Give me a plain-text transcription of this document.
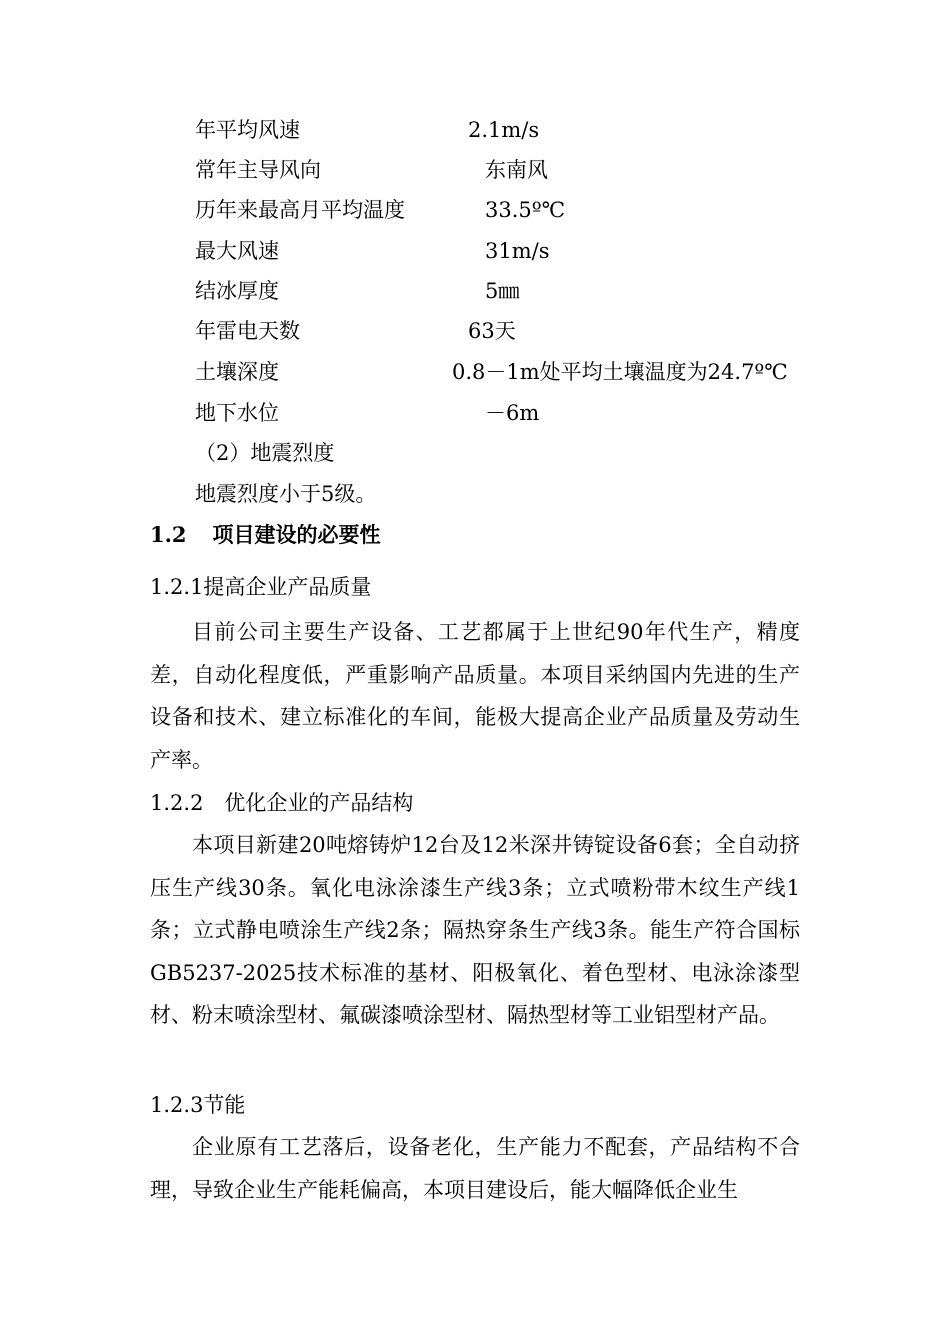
年平均风速	2.1m/s
常年主导风向	东南风
历年来最高月平均温度	33.5º℃
最大风速	31m/s
结冰厚度	5㎜
年雷电天数	63天
土壤深度	0.8－1m处平均土壤温度为24.7º℃
地下水位	－6m
（2）地震烈度
地震烈度小于5级。
1.2 项目建设的必要性
1.2.1提高企业产品质量
目前公司主要生产设备、工艺都属于上世纪90年代生产，精度差，自动化程度低，严重影响产品质量。本项目采纳国内先进的生产设备和技术、建立标准化的车间，能极大提高企业产品质量及劳动生产率。
1.2.2　优化企业的产品结构
本项目新建20吨熔铸炉12台及12米深井铸锭设备6套；全自动挤压生产线30条。氧化电泳涂漆生产线3条；立式喷粉带木纹生产线1条；立式静电喷涂生产线2条；隔热穿条生产线3条。能生产符合国标GB5237-2025技术标准的基材、阳极氧化、着色型材、电泳涂漆型材、粉末喷涂型材、氟碳漆喷涂型材、隔热型材等工业铝型材产品。
1.2.3节能
企业原有工艺落后，设备老化，生产能力不配套，产品结构不合理，导致企业生产能耗偏高，本项目建设后，能大幅降低企业生
